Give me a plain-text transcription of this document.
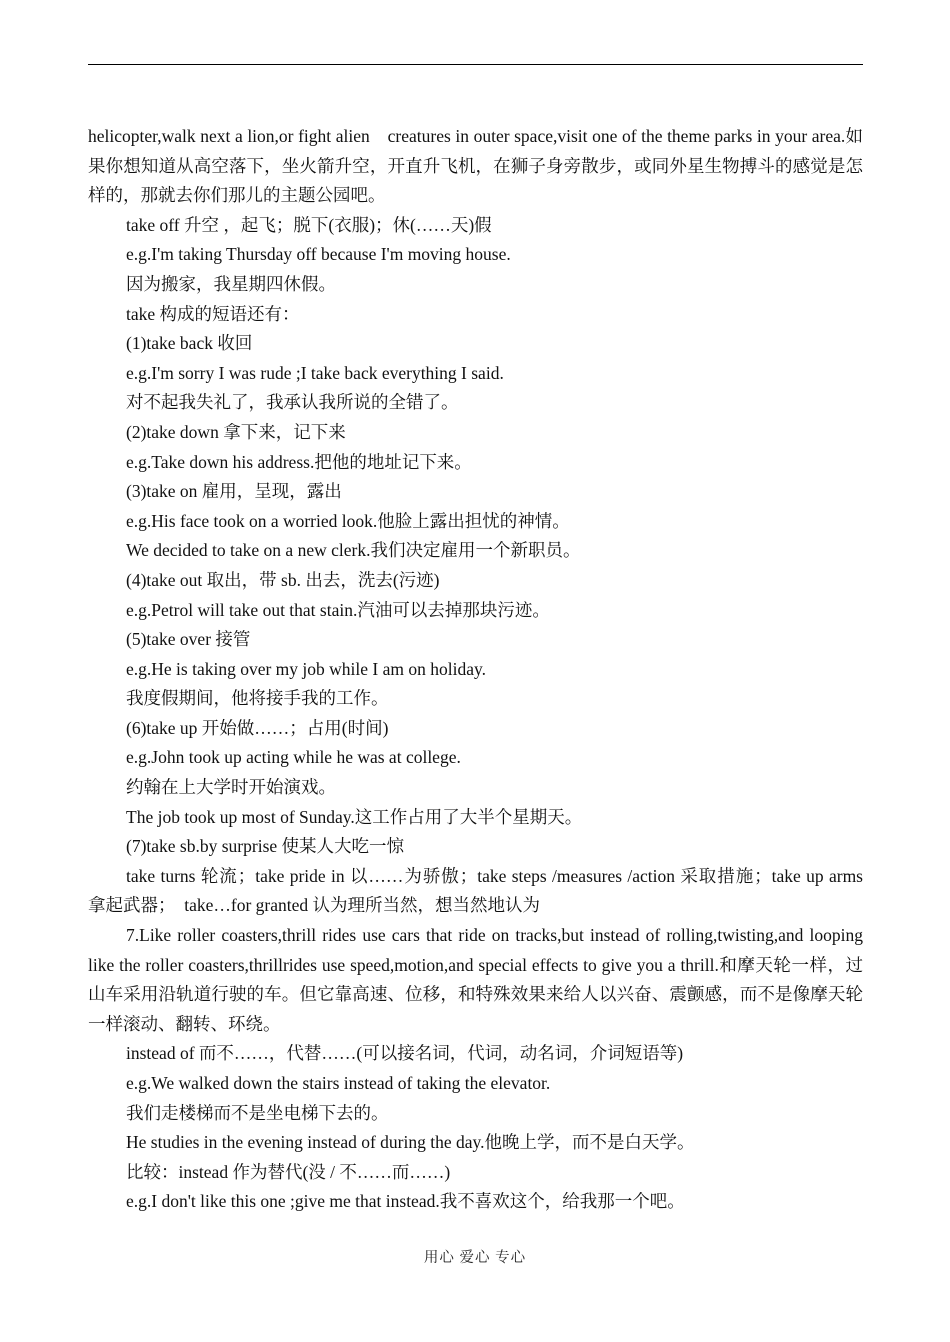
helicopter,walk next a lion,or fight alien　creatures in outer space,visit one of the theme parks in your area.如果你想知道从高空落下，坐火箭升空，开直升飞机，在狮子身旁散步，或同外星生物搏斗的感觉是怎样的，那就去你们那儿的主题公园吧。

take off 升空 ，起飞；脱下(衣服)；休(……天)假

e.g.I'm taking Thursday off because I'm moving house.

因为搬家，我星期四休假。

take 构成的短语还有：

(1)take back 收回

e.g.I'm sorry I was rude ;I take back everything I said.

对不起我失礼了，我承认我所说的全错了。

(2)take down 拿下来，记下来

e.g.Take down his address.把他的地址记下来。

(3)take on 雇用，呈现，露出

e.g.His face took on a worried look.他脸上露出担忧的神情。

We decided to take on a new clerk.我们决定雇用一个新职员。

(4)take out 取出，带 sb. 出去，洗去(污迹)

e.g.Petrol will take out that stain.汽油可以去掉那块污迹。

(5)take over 接管

e.g.He is taking over my job while I am on holiday.

我度假期间，他将接手我的工作。

(6)take up 开始做……；占用(时间)

e.g.John took up acting while he was at college.

约翰在上大学时开始演戏。

The job took up most of Sunday.这工作占用了大半个星期天。

(7)take sb.by surprise 使某人大吃一惊

take turns 轮流；take pride in 以……为骄傲；take steps /measures /action 采取措施；take up arms 拿起武器；　take…for granted 认为理所当然，想当然地认为

7.Like roller coasters,thrill rides use cars that ride on tracks,but instead of rolling,twisting,and looping like the roller coasters,thrillrides use speed,motion,and special effects to give you a thrill.和摩天轮一样，过山车采用沿轨道行驶的车。但它靠高速、位移，和特殊效果来给人以兴奋、震颤感，而不是像摩天轮一样滚动、翻转、环绕。

instead of 而不……，代替……(可以接名词，代词，动名词，介词短语等)

e.g.We walked down the stairs instead of taking the elevator.

我们走楼梯而不是坐电梯下去的。

He studies in the evening instead of during the day.他晚上学，而不是白天学。

比较：instead 作为替代(没 / 不……而……)

e.g.I don't like this one ;give me that instead.我不喜欢这个，给我那一个吧。

用心 爱心 专心
